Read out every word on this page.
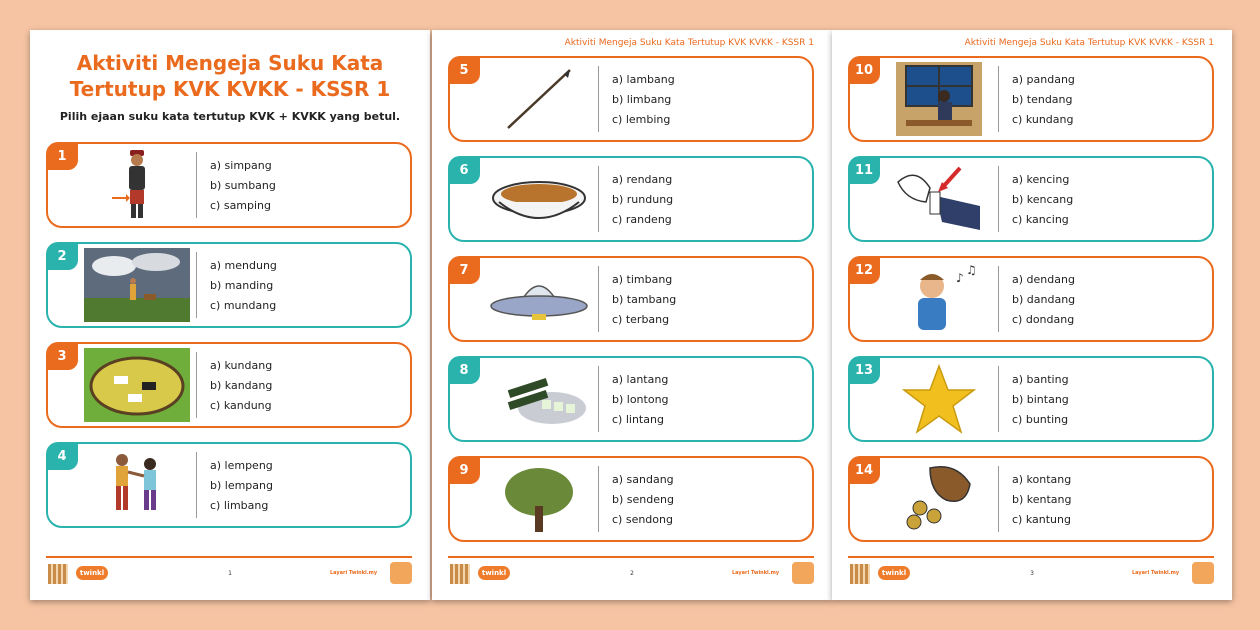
Aktiviti Mengeja Suku Kata
Tertutup KVK KVKK - KSSR 1
Pilih ejaan suku kata tertutup KVK + KVKK yang betul.
1
a) simpang
b) sumbang
c) samping
2
a) mendung
b) manding
c) mundang
3
a) kundang
b) kandang
c) kandung
4
a) lempeng
b) lempang
c) limbang
twinkl	1	Layari Twinkl.my
Aktiviti Mengeja Suku Kata Tertutup KVK KVKK - KSSR 1
5
a) lambang
b) limbang
c) lembing
6
a) rendang
b) rundung
c) randeng
7
a) timbang
b) tambang
c) terbang
8
a) lantang
b) lontong
c) lintang
9
a) sandang
b) sendeng
c) sendong
twinkl	2	Layari Twinkl.my
Aktiviti Mengeja Suku Kata Tertutup KVK KVKK - KSSR 1
10
a) pandang
b) tendang
c) kundang
11
a) kencing
b) kencang
c) kancing
12
♪
♫
a) dendang
b) dandang
c) dondang
13
a) banting
b) bintang
c) bunting
14
a) kontang
b) kentang
c) kantung
twinkl	3	Layari Twinkl.my
